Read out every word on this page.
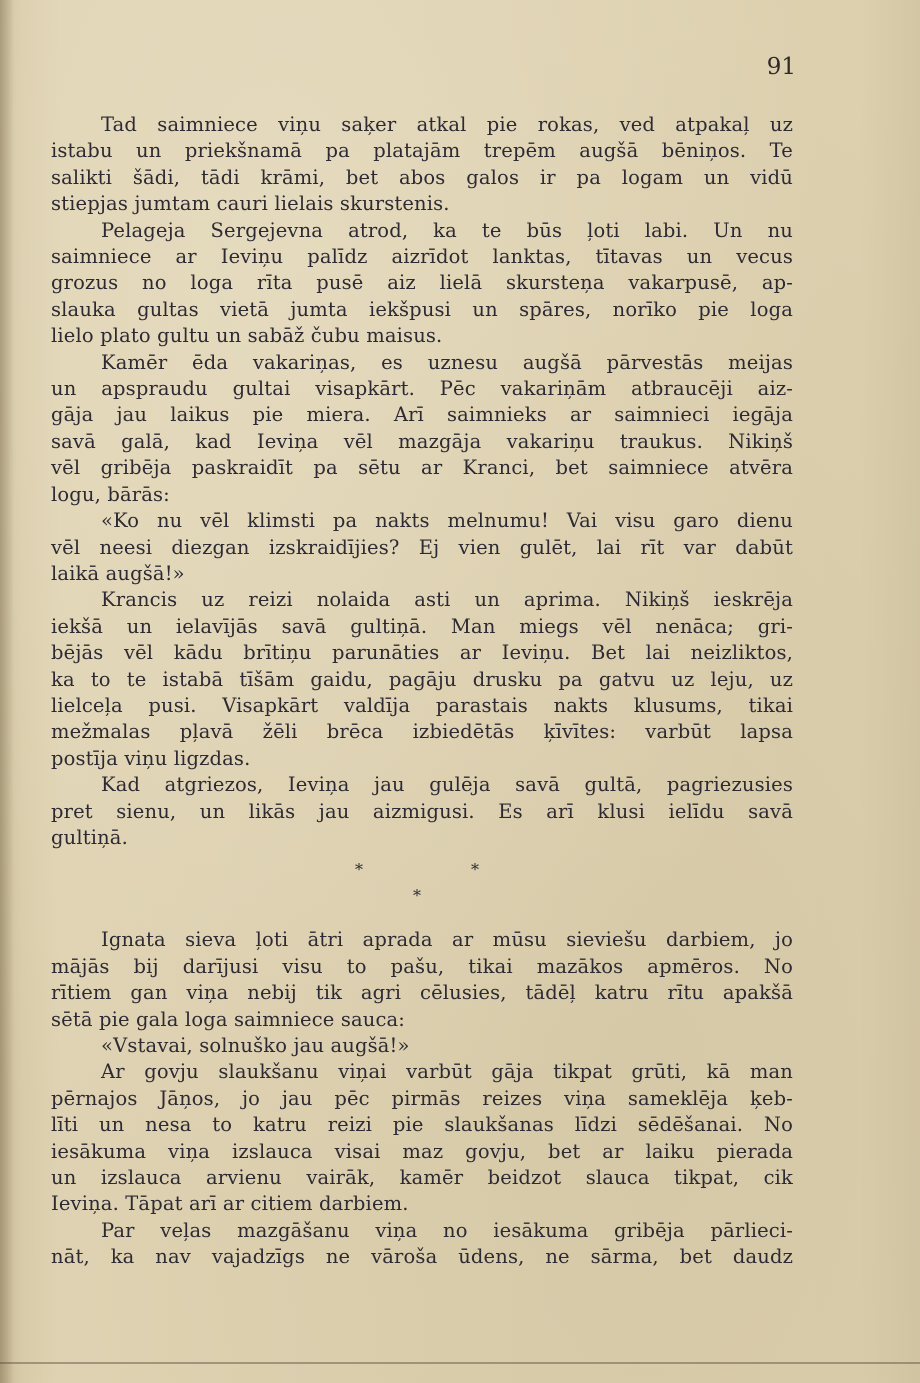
91

Tad saimniece viņu saķer atkal pie rokas, ved atpakaļ uz

istabu un priekšnamā pa platajām trepēm augšā bēniņos. Te

salikti šādi, tādi krāmi, bet abos galos ir pa logam un vidū

stiepjas jumtam cauri lielais skurstenis.

Pelageja Sergejevna atrod, ka te būs ļoti labi. Un nu

saimniece ar Ieviņu palīdz aizrīdot lanktas, tītavas un vecus

grozus no loga rīta pusē aiz lielā skursteņa vakarpusē, ap-

slauka gultas vietā jumta iekšpusi un spāres, norīko pie loga

lielo plato gultu un sabāž čubu maisus.

Kamēr ēda vakariņas, es uznesu augšā pārvestās meijas

un apspraudu gultai visapkārt. Pēc vakariņām atbraucēji aiz-

gāja jau laikus pie miera. Arī saimnieks ar saimnieci iegāja

savā galā, kad Ieviņa vēl mazgāja vakariņu traukus. Nikiņš

vēl gribēja paskraidīt pa sētu ar Kranci, bet saimniece atvēra

logu, bārās:

«Ko nu vēl klimsti pa nakts melnumu! Vai visu garo dienu

vēl neesi diezgan izskraidījies? Ej vien gulēt, lai rīt var dabūt

laikā augšā!»

Krancis uz reizi nolaida asti un aprima. Nikiņš ieskrēja

iekšā un ielavījās savā gultiņā. Man miegs vēl nenāca; gri-

bējās vēl kādu brītiņu parunāties ar Ieviņu. Bet lai neizliktos,

ka to te istabā tīšām gaidu, pagāju drusku pa gatvu uz leju, uz

lielceļa pusi. Visapkārt valdīja parastais nakts klusums, tikai

mežmalas pļavā žēli brēca izbiedētās ķīvītes: varbūt lapsa

postīja viņu ligzdas.

Kad atgriezos, Ieviņa jau gulēja savā gultā, pagriezusies

pret sienu, un likās jau aizmigusi. Es arī klusi ielīdu savā

gultiņā.

*	*
*

Ignata sieva ļoti ātri apradа ar mūsu sieviešu darbiem, jo

mājās bij darījusi visu to pašu, tikai mazākos apmēros. No

rītiem gan viņa nebij tik agri cēlusies, tādēļ katru rītu apakšā

sētā pie gala loga saimniece sauca:

«Vstavai, solnuško jau augšā!»

Ar govju slaukšanu viņai varbūt gāja tikpat grūti, kā man

pērnajos Jāņos, jo jau pēc pirmās reizes viņa sameklēja ķeb-

līti un nesa to katru reizi pie slaukšanas līdzi sēdēšanai. No

iesākuma viņa izslauca visai maz govju, bet ar laiku pierada

un izslauca arvienu vairāk, kamēr beidzot slauca tikpat, cik

Ieviņa. Tāpat arī ar citiem darbiem.

Par veļas mazgāšanu viņa no iesākuma gribēja pārlieci-

nāt, ka nav vajadzīgs ne vāroša ūdens, ne sārma, bet daudz
